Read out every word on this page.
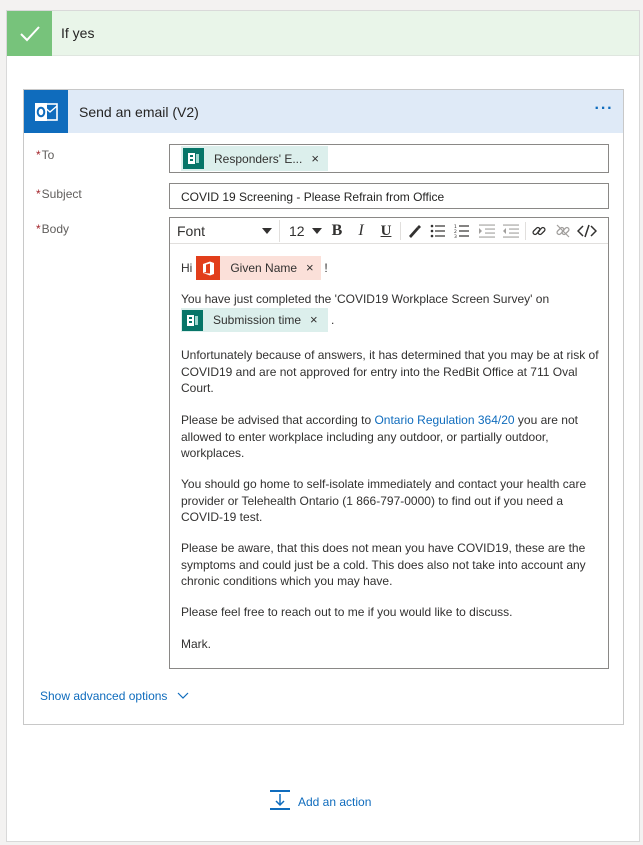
If yes
Send an email (V2)	···
*To	Responders' E... ×
*Subject	COVID 19 Screening - Please Refrain from Office
*Body	Font	12	B	I	U	1
2
3
Hi	Given Name × !
You have just completed the 'COVID19 Workplace Screen Survey' on
Submission time × .
Unfortunately because of answers, it has determined that you may be at risk of COVID19 and are not approved for entry into the RedBit Office at 711 Oval Court.
Please be advised that according to Ontario Regulation 364/20 you are not allowed to enter workplace including any outdoor, or partially outdoor, workplaces.
You should go home to self-isolate immediately and contact your health care provider or Telehealth Ontario (1 866-797-0000) to find out if you need a COVID-19 test.
Please be aware, that this does not mean you have COVID19, these are the symptoms and could just be a cold. This does also not take into account any chronic conditions which you may have.
Please feel free to reach out to me if you would like to discuss.
Mark.
Show advanced options
Add an action
